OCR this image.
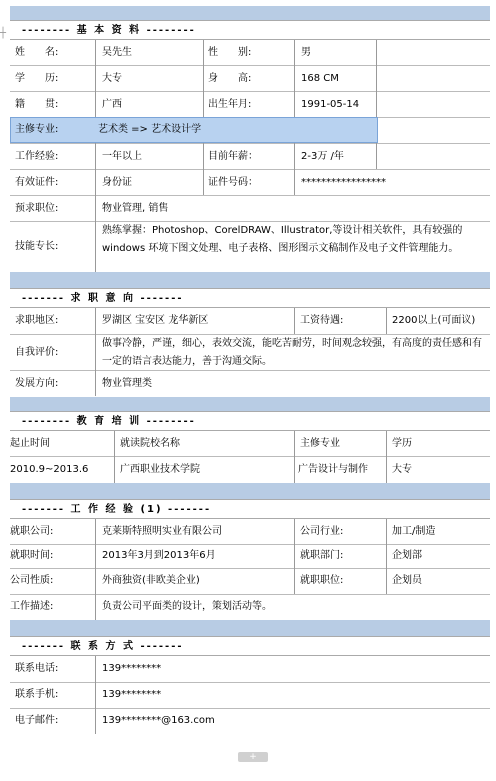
┼	-------- 基 本 资 料 --------
姓　　名:	吴先生	性　　别:	男
学　　历:	大专	身　　高:	168 CM
籍　　贯:	广西	出生年月:	1991-05-14
主修专业:	艺术类 => 艺术设计学
工作经验:	一年以上	目前年薪：	2-3万 /年
有效证件:	身份证	证件号码：	*****************
预求职位:	物业管理, 销售
技能专长:
熟练掌握：Photoshop、CorelDRAW、Illustrator,等设计相关软件，具有较强的 windows 环境下图文处理、电子表格、图形图示文稿制作及电子文件管理能力。
------- 求 职 意 向 -------
求职地区:	罗湖区 宝安区 龙华新区	工资待遇:	2200以上(可面议)
自我评价:
做事冷静，严谨，细心，表效交流，能吃苦耐劳，时间观念较强，有高度的责任感和有一定的语言表达能力，善于沟通交际。
发展方向:	物业管理类
-------- 教 育 培 训 --------
起止时间	就读院校名称	主修专业	学历
2010.9~2013.6	广西职业技术学院	广告设计与制作	大专
------- 工 作 经 验 (1) -------
就职公司:	克莱斯特照明实业有限公司	公司行业:	加工/制造
就职时间:	2013年3月到2013年6月	就职部门:	企划部
公司性质:	外商独资(非欧美企业)	就职职位:	企划员
工作描述:	负责公司平面类的设计，策划活动等。
------- 联 系 方 式 -------
联系电话:	139********
联系手机:	139********
电子邮件:	139********@163.com
+
